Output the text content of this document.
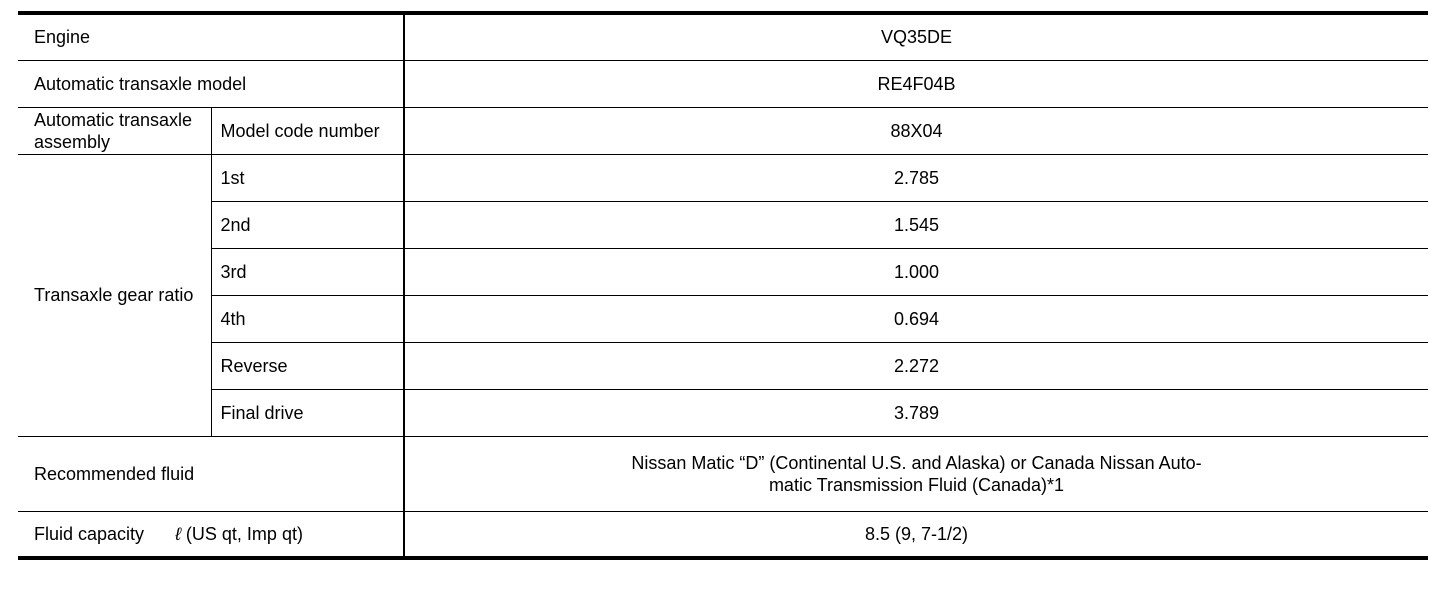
Engine		VQ35DE
Automatic transaxle model		RE4F04B
Automatic transaxle assembly	Model code number	88X04
Transaxle gear ratio	1st	2.785
	2nd	1.545
	3rd	1.000
	4th	0.694
	Reverse	2.272
	Final drive	3.789
Recommended fluid		Nissan Matic “D” (Continental U.S. and Alaska) or Canada Nissan Auto-
matic Transmission Fluid (Canada)*1
Fluid capacity ℓ (US qt, Imp qt)		8.5 (9, 7-1/2)
